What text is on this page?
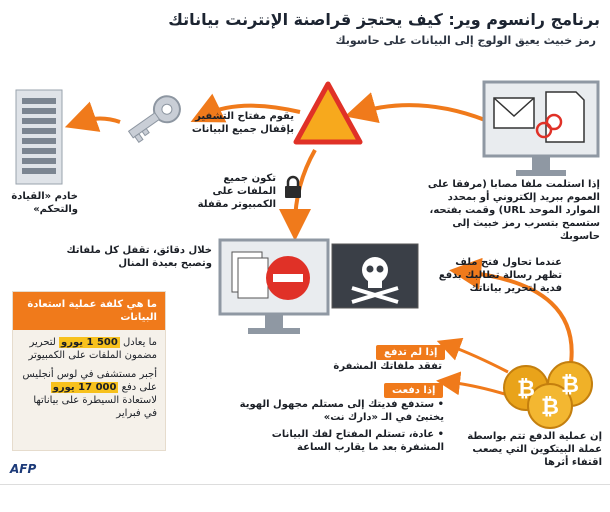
برنامج رانسوم وير: كيف يحتجز قراصنة الإنترنت بياناتك
رمز خبيث يعيق الولوج إلى البيانات على حاسوبك
خادم «القيادة والتحكم»
يقوم مفتاح التشفير بإقفال جميع البيانات
تكون جميع الملفات على الكمبيوتر مقفلة
إذا استلمت ملفا مصابا (مرفقا على العموم ببريد إلكتروني أو بمحدد الموارد الموحد URL) وقمت بفتحه، ستسمح بتسرب رمز خبيث إلى حاسوبك
خلال دقائق، تقفل كل ملفاتك وتصبح بعيدة المنال	عندما تحاول فتح ملف تظهر رسالة تطالبك بدفع فدية لتحرير بياناتك
ما هي كلفة عملية استعادة البيانات
ما يعادل 500 1 يورو لتحرير مضمون الملفات على الكمبيوتر
أجبر مستشفى في لوس أنجليس على دفع 000 17 يورو لاستعادة السيطرة على بياناتها في فبراير
إذا لم تدفع
تفقد ملفاتك المشفرة
إذا دفعت
• ستدفع فديتك إلى مستلم مجهول الهوية يختبئ في الـ «دارك نت»
• عادة، تستلم المفتاح لفك البيانات المشفرة بعد ما يقارب الساعة
₿ ₿
₿
إن عملية الدفع تتم بواسطة عملة البيتكوين التي يصعب اقتفاء أثرها
AFP
